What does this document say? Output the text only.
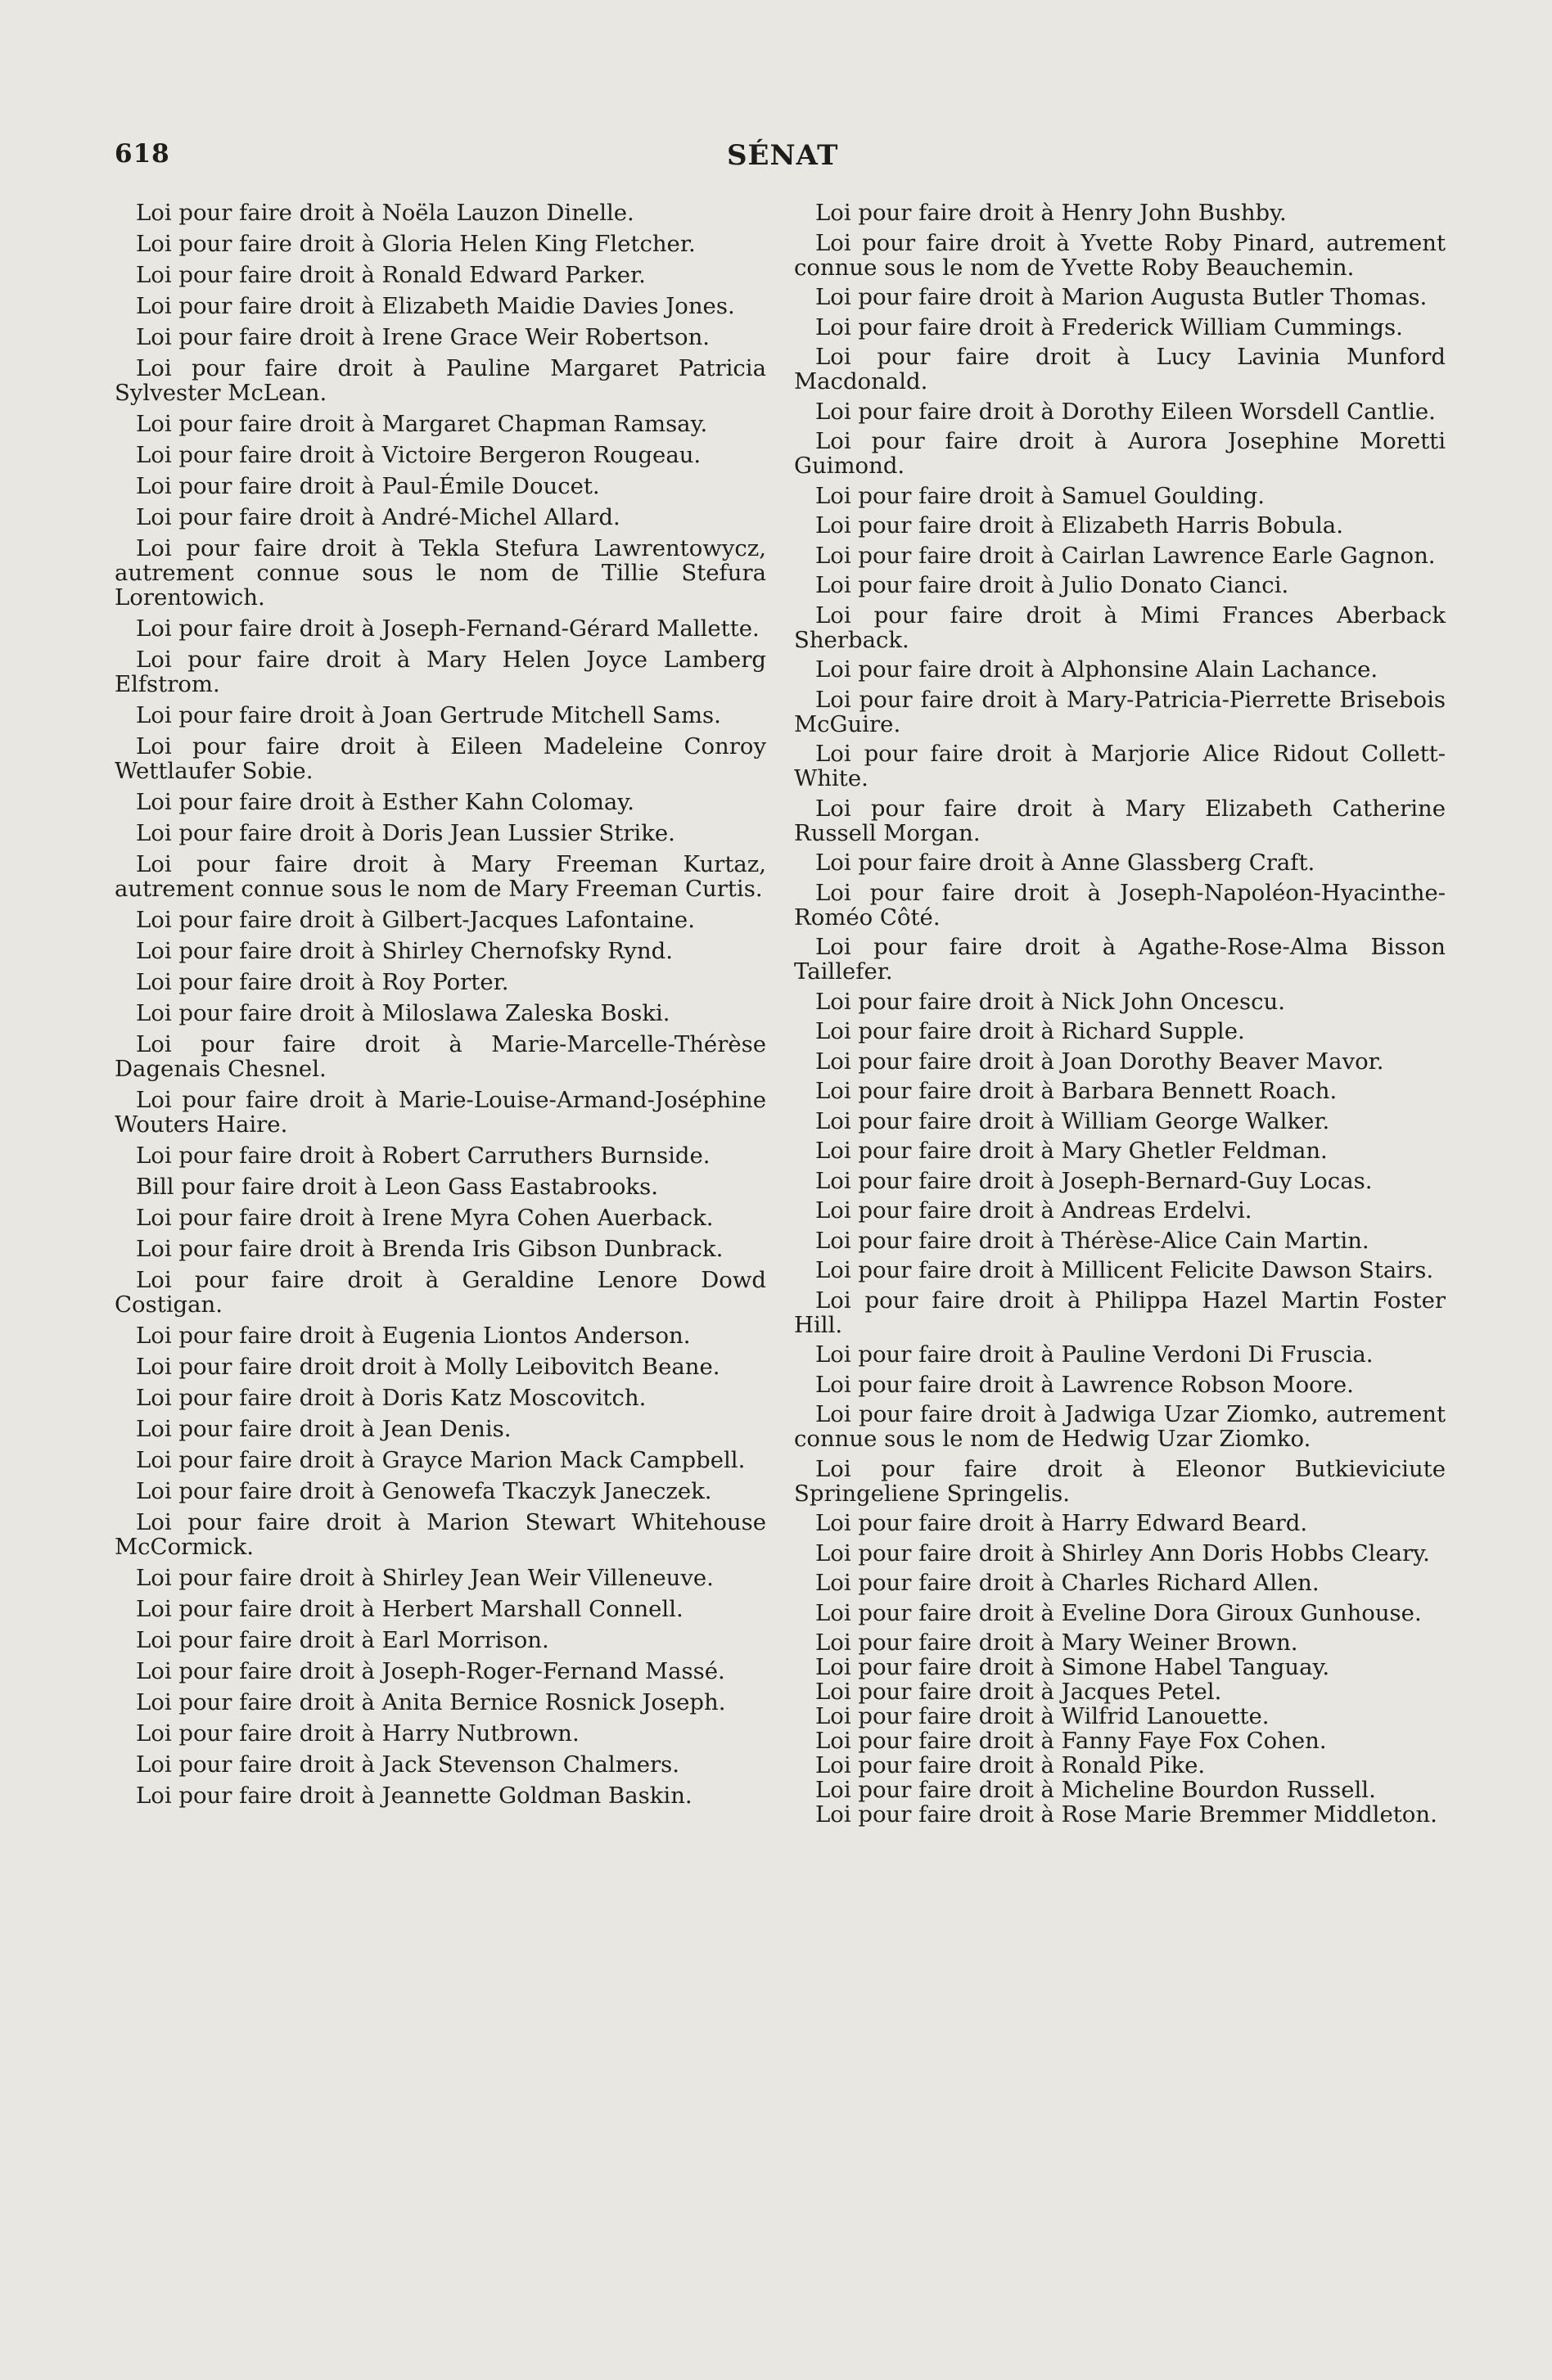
618	SÉNAT
Loi pour faire droit à Noëla Lauzon Dinelle.
Loi pour faire droit à Gloria Helen King Fletcher.
Loi pour faire droit à Ronald Edward Parker.
Loi pour faire droit à Elizabeth Maidie Davies Jones.
Loi pour faire droit à Irene Grace Weir Robertson.
Loi pour faire droit à Pauline Margaret Patricia Sylvester McLean.
Loi pour faire droit à Margaret Chapman Ramsay.
Loi pour faire droit à Victoire Bergeron Rougeau.
Loi pour faire droit à Paul-Émile Doucet.
Loi pour faire droit à André-Michel Allard.
Loi pour faire droit à Tekla Stefura Lawrentowycz, autrement connue sous le nom de Tillie Stefura Lorentowich.
Loi pour faire droit à Joseph-Fernand-Gérard Mallette.
Loi pour faire droit à Mary Helen Joyce Lamberg Elfstrom.
Loi pour faire droit à Joan Gertrude Mitchell Sams.
Loi pour faire droit à Eileen Madeleine Conroy Wettlaufer Sobie.
Loi pour faire droit à Esther Kahn Colomay.
Loi pour faire droit à Doris Jean Lussier Strike.
Loi pour faire droit à Mary Freeman Kurtaz, autrement connue sous le nom de Mary Freeman Curtis.
Loi pour faire droit à Gilbert-Jacques Lafontaine.
Loi pour faire droit à Shirley Chernofsky Rynd.
Loi pour faire droit à Roy Porter.
Loi pour faire droit à Miloslawa Zaleska Boski.
Loi pour faire droit à Marie-Marcelle-Thérèse Dagenais Chesnel.
Loi pour faire droit à Marie-Louise-Armand-Joséphine Wouters Haire.
Loi pour faire droit à Robert Carruthers Burnside.
Bill pour faire droit à Leon Gass Eastabrooks.
Loi pour faire droit à Irene Myra Cohen Auerback.
Loi pour faire droit à Brenda Iris Gibson Dunbrack.
Loi pour faire droit à Geraldine Lenore Dowd Costigan.
Loi pour faire droit à Eugenia Liontos Anderson.
Loi pour faire droit droit à Molly Leibovitch Beane.
Loi pour faire droit à Doris Katz Moscovitch.
Loi pour faire droit à Jean Denis.
Loi pour faire droit à Grayce Marion Mack Campbell.
Loi pour faire droit à Genowefa Tkaczyk Janeczek.
Loi pour faire droit à Marion Stewart Whitehouse McCormick.
Loi pour faire droit à Shirley Jean Weir Villeneuve.
Loi pour faire droit à Herbert Marshall Connell.
Loi pour faire droit à Earl Morrison.
Loi pour faire droit à Joseph-Roger-Fernand Massé.
Loi pour faire droit à Anita Bernice Rosnick Joseph.
Loi pour faire droit à Harry Nutbrown.
Loi pour faire droit à Jack Stevenson Chalmers.
Loi pour faire droit à Jeannette Goldman Baskin.
Loi pour faire droit à Henry John Bushby.
Loi pour faire droit à Yvette Roby Pinard, autrement connue sous le nom de Yvette Roby Beauchemin.
Loi pour faire droit à Marion Augusta Butler Thomas.
Loi pour faire droit à Frederick William Cummings.
Loi pour faire droit à Lucy Lavinia Munford Macdonald.
Loi pour faire droit à Dorothy Eileen Worsdell Cantlie.
Loi pour faire droit à Aurora Josephine Moretti Guimond.
Loi pour faire droit à Samuel Goulding.
Loi pour faire droit à Elizabeth Harris Bobula.
Loi pour faire droit à Cairlan Lawrence Earle Gagnon.
Loi pour faire droit à Julio Donato Cianci.
Loi pour faire droit à Mimi Frances Aberback Sherback.
Loi pour faire droit à Alphonsine Alain Lachance.
Loi pour faire droit à Mary-Patricia-Pierrette Brisebois McGuire.
Loi pour faire droit à Marjorie Alice Ridout Collett-White.
Loi pour faire droit à Mary Elizabeth Catherine Russell Morgan.
Loi pour faire droit à Anne Glassberg Craft.
Loi pour faire droit à Joseph-Napoléon-Hyacinthe-Roméo Côté.
Loi pour faire droit à Agathe-Rose-Alma Bisson Taillefer.
Loi pour faire droit à Nick John Oncescu.
Loi pour faire droit à Richard Supple.
Loi pour faire droit à Joan Dorothy Beaver Mavor.
Loi pour faire droit à Barbara Bennett Roach.
Loi pour faire droit à William George Walker.
Loi pour faire droit à Mary Ghetler Feldman.
Loi pour faire droit à Joseph-Bernard-Guy Locas.
Loi pour faire droit à Andreas Erdelvi.
Loi pour faire droit à Thérèse-Alice Cain Martin.
Loi pour faire droit à Millicent Felicite Dawson Stairs.
Loi pour faire droit à Philippa Hazel Martin Foster Hill.
Loi pour faire droit à Pauline Verdoni Di Fruscia.
Loi pour faire droit à Lawrence Robson Moore.
Loi pour faire droit à Jadwiga Uzar Ziomko, autrement connue sous le nom de Hedwig Uzar Ziomko.
Loi pour faire droit à Eleonor Butkieviciute Springeliene Springelis.
Loi pour faire droit à Harry Edward Beard.
Loi pour faire droit à Shirley Ann Doris Hobbs Cleary.
Loi pour faire droit à Charles Richard Allen.
Loi pour faire droit à Eveline Dora Giroux Gunhouse.
Loi pour faire droit à Mary Weiner Brown.
Loi pour faire droit à Simone Habel Tanguay.
Loi pour faire droit à Jacques Petel.
Loi pour faire droit à Wilfrid Lanouette.
Loi pour faire droit à Fanny Faye Fox Cohen.
Loi pour faire droit à Ronald Pike.
Loi pour faire droit à Micheline Bourdon Russell.
Loi pour faire droit à Rose Marie Bremmer Middleton.
